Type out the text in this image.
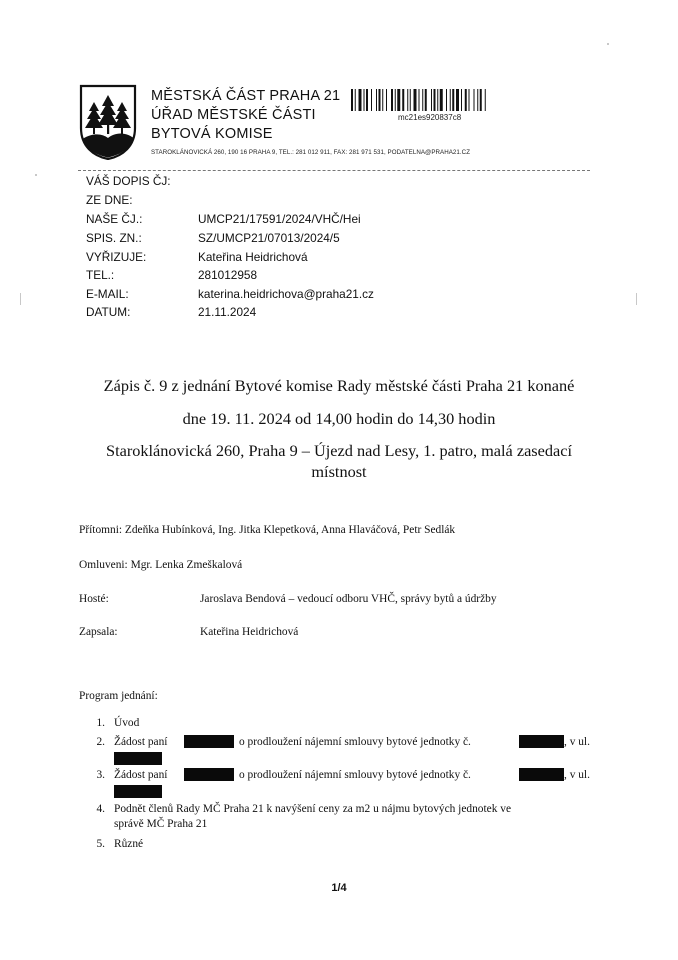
MĚSTSKÁ ČÁST PRAHA 21
ÚŘAD MĚSTSKÉ ČÁSTI
BYTOVÁ KOMISE
STAROKLÁNOVICKÁ 260, 190 16 PRAHA 9, TEL.: 281 012 911, FAX: 281 971 531, PODATELNA@PRAHA21.CZ
mc21es920837c8
VÁŠ DOPIS ČJ:
ZE DNE:
NAŠE ČJ.:	UMCP21/17591/2024/VHČ/Hei
SPIS. ZN.:	SZ/UMCP21/07013/2024/5
VYŘIZUJE:	Kateřina Heidrichová
TEL.:	281012958
E-MAIL:	katerina.heidrichova@praha21.cz
DATUM:	21.11.2024
Zápis č. 9 z jednání Bytové komise Rady městské části Praha 21 konané
dne 19. 11. 2024 od 14,00 hodin do 14,30 hodin
Staroklánovická 260, Praha 9 – Újezd nad Lesy, 1. patro, malá zasedací
místnost
Přítomni: Zdeňka Hubínková, Ing. Jitka Klepetková, Anna Hlaváčová, Petr Sedlák
Omluveni: Mgr. Lenka Zmeškalová
Hosté:	Jaroslava Bendová – vedoucí odboru VHČ, správy bytů a údržby
Zapsala:	Kateřina Heidrichová
Program jednání:
1. Úvod
2. Žádost paní	o prodloužení nájemní smlouvy bytové jednotky č.	, v ul.
3. Žádost paní	o prodloužení nájemní smlouvy bytové jednotky č.	, v ul.
4. Podnět členů Rady MČ Praha 21 k navýšení ceny za m2 u nájmu bytových jednotek ve
správě MČ Praha 21
5. Různé
1/4
